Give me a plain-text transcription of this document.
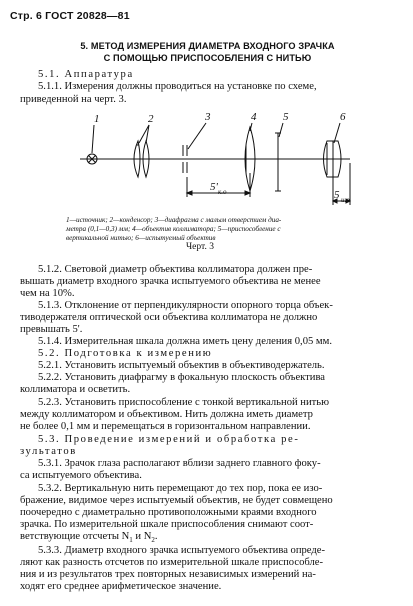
Стр. 6 ГОСТ 20828—81
5. МЕТОД ИЗМЕРЕНИЯ ДИАМЕТРА ВХОДНОГО ЗРАЧКА
С ПОМОЩЬЮ ПРИСПОСОБЛЕНИЯ С НИТЬЮ
5.1. Аппаратура
5.1.1. Измерения должны проводиться на установке по схеме,
приведенной на черт. 3.
1	2	3	4 5	6
5' к.о	5 и.о
1—источник; 2—конденсор; 3—диафрагма с малым отверстием диа-
метра (0,1—0,3) мм; 4—объектив коллиматора; 5—приспособление с
вертикальной нитью; 6—испытуемый объектив
Черт. 3
5.1.2. Световой диаметр объектива коллиматора должен пре-
вышать диаметр входного зрачка испытуемого объектива не менее
чем на 10%.
5.1.3. Отклонение от перпендикулярности опорного торца объек-
тиводержателя оптической оси объектива коллиматора не должно
превышать 5'.
5.1.4. Измерительная шкала должна иметь цену деления 0,05 мм.
5.2. Подготовка к измерению
5.2.1. Установить испытуемый объектив в объективодержатель.
5.2.2. Установить диафрагму в фокальную плоскость объектива
коллиматора и осветить.
5.2.3. Установить приспособление с тонкой вертикальной нитью
между коллиматором и объективом. Нить должна иметь диаметр
не более 0,1 мм и перемещаться в горизонтальном направлении.
5.3. Проведение измерений и обработка ре-
зультатов
5.3.1. Зрачок глаза располагают вблизи заднего главного фоку-
са испытуемого объектива.
5.3.2. Вертикальную нить перемещают до тех пор, пока ее изо-
бражение, видимое через испытуемый объектив, не будет совмещено
поочередно с диаметрально противоположными краями входного
зрачка. По измерительной шкале приспособления снимают соот-
ветствующие отсчеты $N_1$ и $N_2$.
5.3.3. Диаметр входного зрачка испытуемого объектива опреде-
ляют как разность отсчетов по измерительной шкале приспособле-
ния и из результатов трех повторных независимых измерений на-
ходят его среднее арифметическое значение.
